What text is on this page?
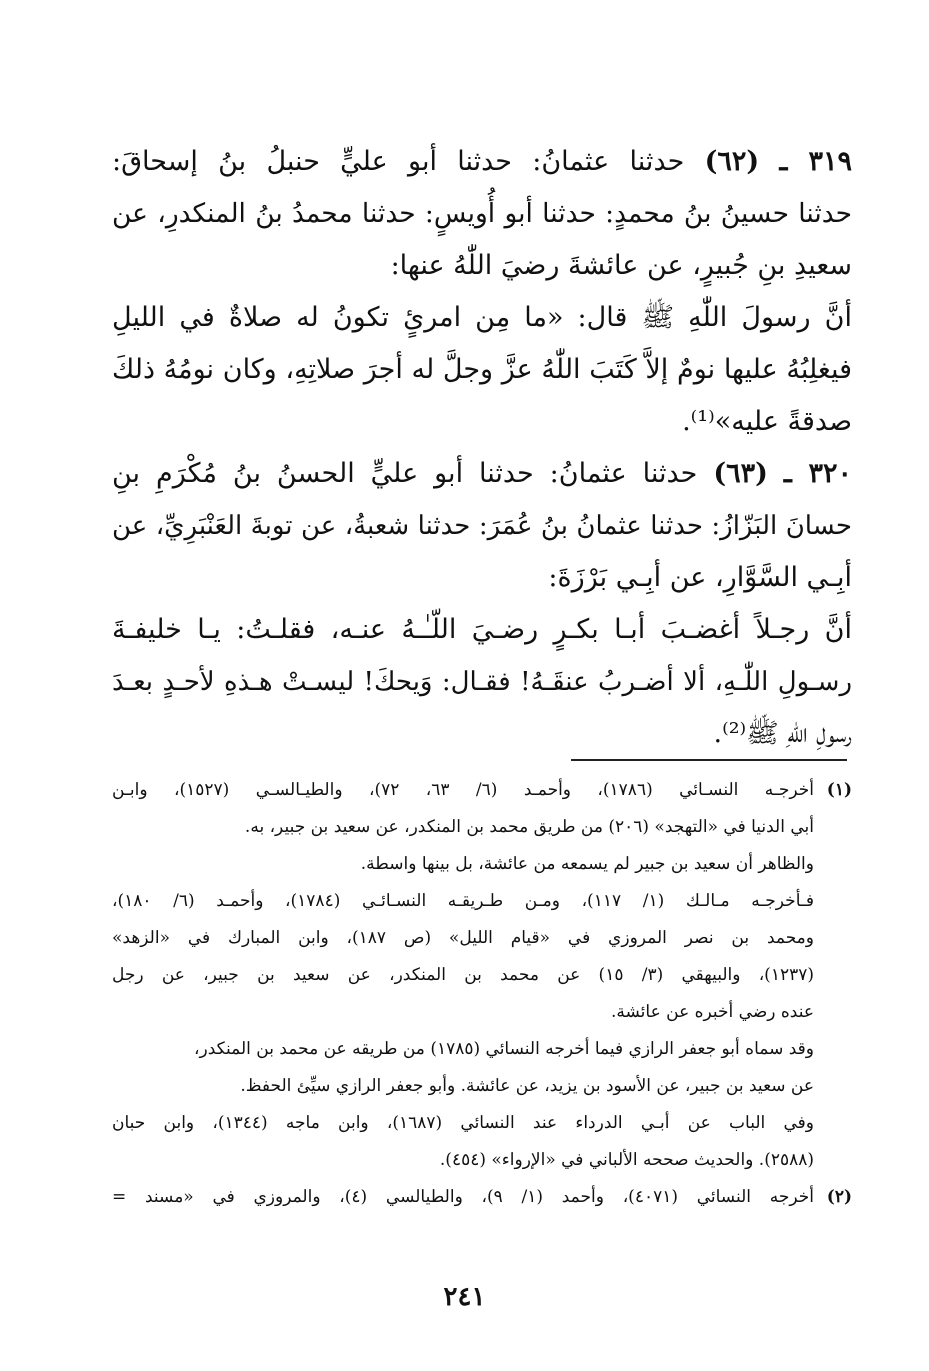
٣١٩ ـ (٦٢) حدثنا عثمانُ: حدثنا أبو عليٍّ حنبلُ بنُ إسحاقَ:
حدثنا حسينُ بنُ محمدٍ: حدثنا أبو أُويسٍ: حدثنا محمدُ بنُ المنكدرِ، عن
سعيدِ بنِ جُبيرٍ، عن عائشةَ رضيَ اللّٰهُ عنها:
أنَّ رسولَ اللّٰهِ ﷺ قال: «ما مِن امرئٍ تكونُ له صلاةٌ في الليلِ
فيغلِبُهُ عليها نومٌ إلاَّ كَتَبَ اللّٰهُ عزَّ وجلَّ له أجرَ صلاتِهِ، وكان نومُهُ ذلكَ
صدقةً عليه»⁽¹⁾.
٣٢٠ ـ (٦٣) حدثنا عثمانُ: حدثنا أبو عليٍّ الحسنُ بنُ مُكْرَمِ بنِ
حسانَ البَزّازُ: حدثنا عثمانُ بنُ عُمَرَ: حدثنا شعبةُ، عن توبةَ العَنْبَرِيِّ، عن
أبِـي السَّوَّارِ، عن أبِـي بَرْزَةَ:
أنَّ رجـلاً أغضـبَ أبـا بكـرٍ رضـيَ اللّـٰـهُ عنـه، فقلـتُ: يـا خليفـةَ
رسـولِ اللّٰـهِ، ألا أضـربُ عنقَـهُ! فقـال: وَيحكَ! ليسـتْ هـذهِ لأحـدٍ بعـدَ
رسولِ اللّٰهِ ﷺ⁽²⁾.
(١)
أخرجـه النسـائي (١٧٨٦)، وأحمـد (٦/ ٦٣، ٧٢)، والطيـالسـي (١٥٢٧)، وابـن
أبي الدنيا في «التهجد» (٢٠٦) من طريق محمد بن المنكدر، عن سعيد بن جبير، به.
والظاهر أن سعيد بن جبير لم يسمعه من عائشة، بل بينها واسطة.
فـأخرجـه مـالـك (١/ ١١٧)، ومـن طـريقـه النسـائـي (١٧٨٤)، وأحمـد (٦/ ١٨٠)،
ومحمد بن نصر المروزي في «قيام الليل» (ص ١٨٧)، وابن المبارك في «الزهد»
(١٢٣٧)، والبيهقي (٣/ ١٥) عن محمد بن المنكدر، عن سعيد بن جبير، عن رجل
عنده رضي أخبره عن عائشة.
وقد سماه أبو جعفر الرازي فيما أخرجه النسائي (١٧٨٥) من طريقه عن محمد بن المنكدر،
عن سعيد بن جبير، عن الأسود بن يزيد، عن عائشة. وأبو جعفر الرازي سيِّئ الحفظ.
وفي الباب عن أبـي الدرداء عند النسائي (١٦٨٧)، وابن ماجه (١٣٤٤)، وابن حبان
(٢٥٨٨). والحديث صححه الألباني في «الإرواء» (٤٥٤).
(٢)
أخرجه النسائي (٤٠٧١)، وأحمد (١/ ٩)، والطيالسي (٤)، والمروزي في «مسند =
٢٤١
